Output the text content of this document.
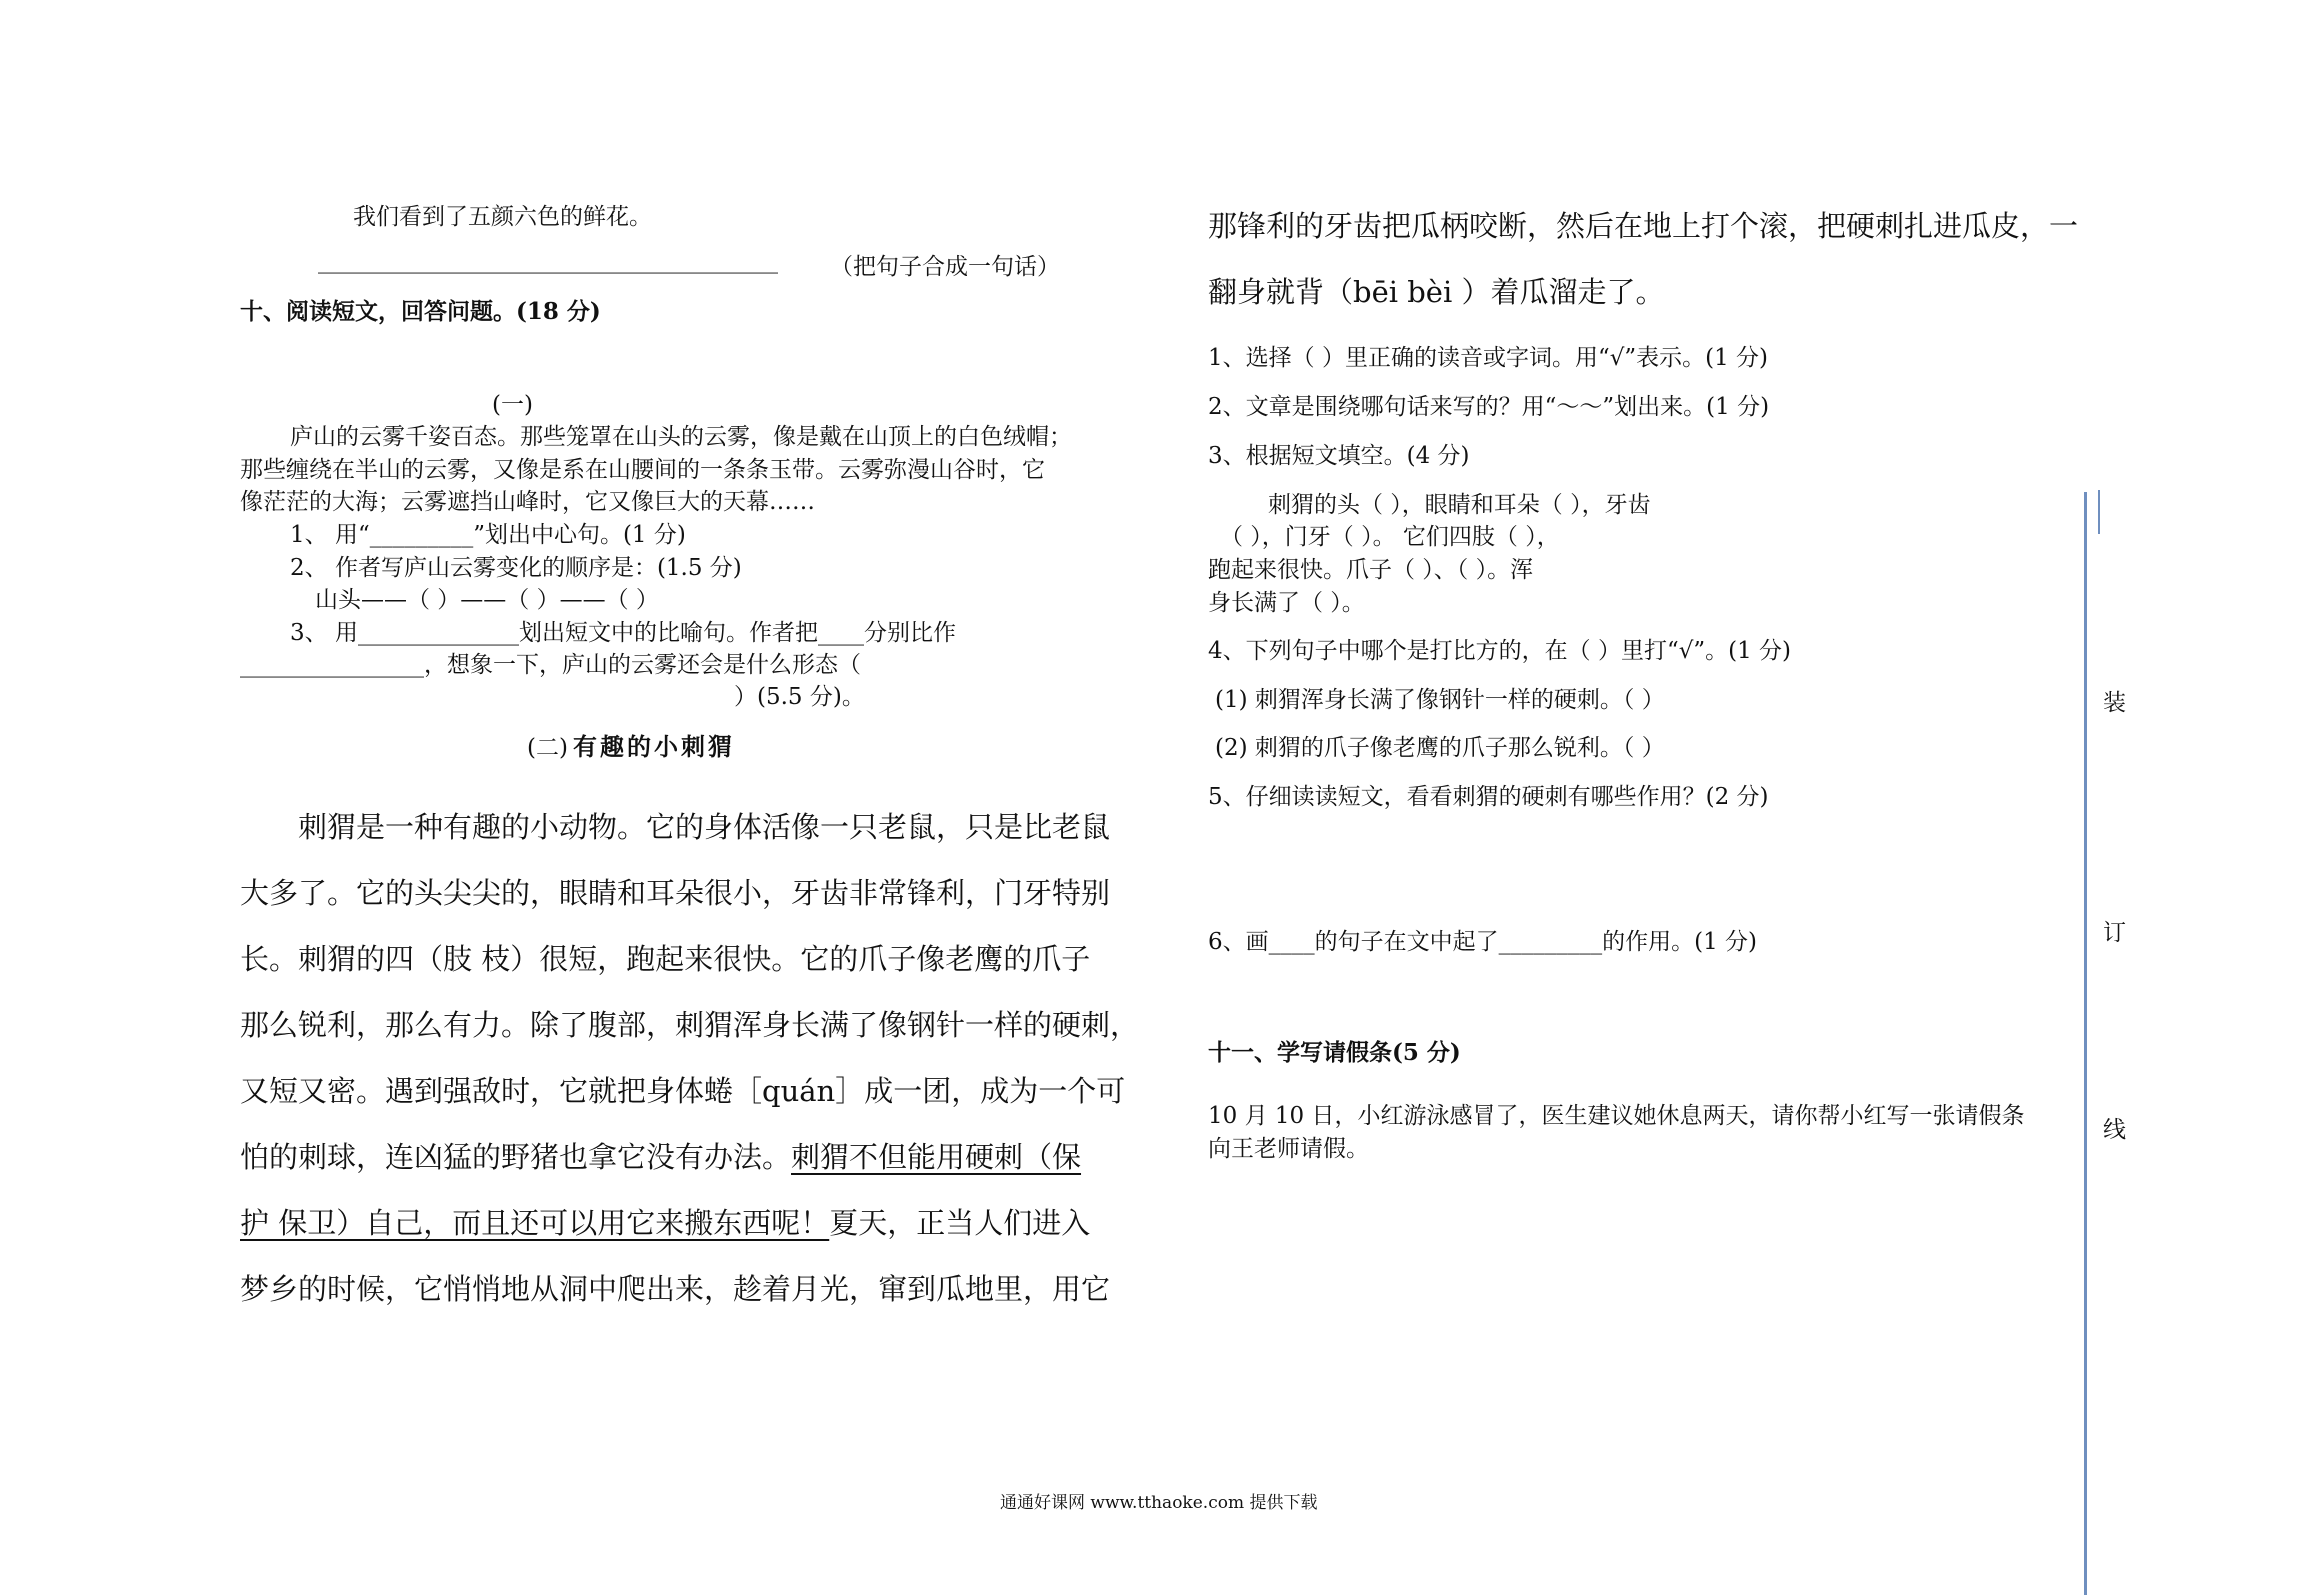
我们看到了五颜六色的鲜花。
________________________________________ （把句子合成一句话）
十、阅读短文，回答问题。(18 分)
(一)
庐山的云雾千姿百态。那些笼罩在山头的云雾，像是戴在山顶上的白色绒帽；
那些缠绕在半山的云雾，又像是系在山腰间的一条条玉带。云雾弥漫山谷时，它
像茫茫的大海；云雾遮挡山峰时，它又像巨大的天幕……
1、 用“_________”划出中心句。(1 分)
2、 作者写庐山云雾变化的顺序是：(1.5 分)
山头——（ ）——（ ）——（ ）
3、 用______________划出短文中的比喻句。作者把____分别比作
________________，想象一下，庐山的云雾还会是什么形态（
）(5.5 分)。
(二) 有趣的小刺猬
刺猬是一种有趣的小动物。它的身体活像一只老鼠，只是比老鼠
大多了。它的头尖尖的，眼睛和耳朵很小，牙齿非常锋利，门牙特别
长。刺猬的四（肢 枝）很短，跑起来很快。它的爪子像老鹰的爪子
那么锐利，那么有力。除了腹部，刺猬浑身长满了像钢针一样的硬刺，
又短又密。遇到强敌时，它就把身体蜷［quán］成一团，成为一个可
怕的刺球，连凶猛的野猪也拿它没有办法。刺猬不但能用硬刺（保
护 保卫）自己，而且还可以用它来搬东西呢！夏天，正当人们进入
梦乡的时候，它悄悄地从洞中爬出来，趁着月光，窜到瓜地里，用它
那锋利的牙齿把瓜柄咬断，然后在地上打个滚，把硬刺扎进瓜皮，一
翻身就背（bēi bèi ）着瓜溜走了。
1、选择（ ）里正确的读音或字词。用“√”表示。(1 分)
2、文章是围绕哪句话来写的？用“～～”划出来。(1 分)
3、根据短文填空。(4 分)
刺猬的头（ ），眼睛和耳朵（ ），牙齿
（ ），门牙（ ）。 它们四肢（ ），
跑起来很快。爪子（ ）、（ ）。浑
身长满了（ ）。
4、下列句子中哪个是打比方的，在（ ）里打“√”。(1 分)
(1) 刺猬浑身长满了像钢针一样的硬刺。（ ）
(2) 刺猬的爪子像老鹰的爪子那么锐利。（ ）
5、仔细读读短文，看看刺猬的硬刺有哪些作用？(2 分)
6、画____的句子在文中起了_________的作用。(1 分)
十一、学写请假条(5 分)
10 月 10 日，小红游泳感冒了，医生建议她休息两天，请你帮小红写一张请假条
向王老师请假。
装
订
线
通通好课网 www.tthaoke.com 提供下载
